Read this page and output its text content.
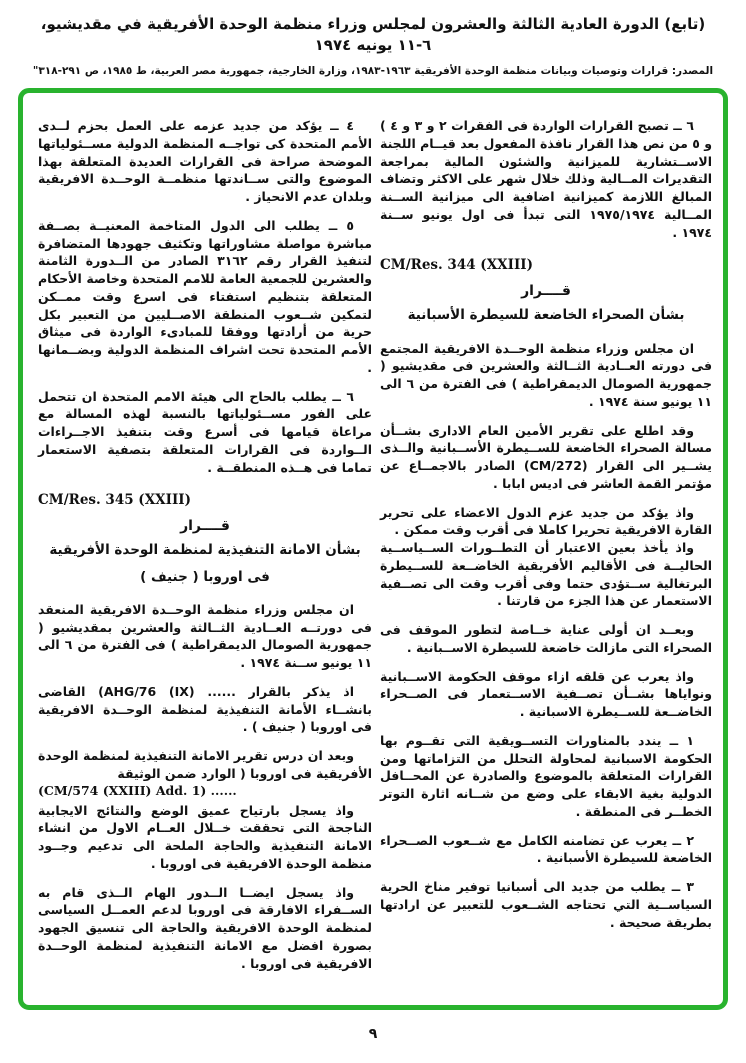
(تابع) الدورة العادية الثالثة والعشرون لمجلس وزراء منظمة الوحدة الأفريقية في مقديشيو، ٦-١١ يونيه ١٩٧٤
المصدر: قرارات وتوصيات وبيانات منظمة الوحدة الأفريقية ١٩٦٣-١٩٨٣، وزارة الخارجية، جمهورية مصر العربية، ط ١٩٨٥، ص ٢٩١-٣١٨"

٦ ــ تصبح القرارات الواردة فى الفقرات ٢ و ٣ و ٤ ) و ٥ من نص هذا القرار نافذة المفعول بعد قيــام اللجنة الاســتشارية للميزانية والشئون المالية بمراجعة التقديرات المــالية وذلك خلال شهر على الاكثر وتضاف المبالغ اللازمة كميزانية اضافية الى ميزانية الســنة المــالية ١٩٧٥/١٩٧٤ التى تبدأ فى اول يونيو ســنة ١٩٧٤ .

CM/Res. 344 (XXIII)
قــــرار
بشأن الصحراء الخاضعة للسيطرة الأسبانية

ان مجلس وزراء منظمة الوحــدة الافريقية المجتمع فى دورته العــادية الثــالثة والعشرين فى مقديشيو ( جمهورية الصومال الديمقراطية ) فى الفترة من ٦ الى ١١ يونيو سنة ١٩٧٤ .

وقد اطلع على تقرير الأمين العام الادارى بشــأن مسالة الصحراء الخاضعة للســيطرة الأســبانية والــذى يشــير الى القرار ‎(CM/272)‎ الصادر بالاجمــاع عن مؤتمر القمة العاشر فى اديس ابابا .

واذ يؤكد من جديد عزم الدول الاعضاء على تحرير القارة الافريقية تحريرا كاملا فى أقرب وقت ممكن .

واذ يأخذ بعين الاعتبار أن التطــورات الســياســية الحاليــة فى الأقاليم الأفريقية الخاضــعة للســيطرة البرتغالية ســتؤدى حتما وفى أقرب وقت الى تصــفية الاستعمار عن هذا الجزء من قارتنا .

وبعــد ان أولى عناية خــاصة لتطور الموقف فى الصحراء التى مازالت خاضعة للسيطرة الاســبانية .

واذ يعرب عن قلقه ازاء موقف الحكومة الاســبانية ونواياها بشــأن تصــفية الاســتعمار فى الصــحراء الخاضــعة للســيطرة الاسبانية .

١ ــ يندد بالمناورات التســويقية التى تقــوم بها الحكومة الاسبانية لمحاولة التحلل من التزاماتها ومن القرارات المتعلقة بالموضوع والصادرة عن المحــافل الدولية بغية الابقاء على وضع من شــانه اثارة التوتر الخطــر فى المنطقة .

٢ ــ يعرب عن تضامنه الكامل مع شــعوب الصــحراء الخاضعة للسيطرة الأسبانية .

٣ ــ يطلب من جديد الى أسبانيا توفير مناخ الحرية السياســية التي تحتاجه الشــعوب للتعبير عن ارادتها بطريقة صحيحة .

٤ ــ يؤكد من جديد عزمه على العمل بحزم لــدى الأمم المتحدة كى تواجــه المنظمة الدولية مســئولياتها الموضحة صراحة فى القرارات العديدة المتعلقة بهذا الموضوع والتى ســاندتها منظمــة الوحــدة الافريقية وبلدان عدم الانحياز .

٥ ــ يطلب الى الدول المتاخمة المعنيــة بصــفة مباشرة مواصلة مشاوراتها وتكثيف جهودها المتضافرة لتنفيذ القرار رقم ٣١٦٢ الصادر من الــدورة الثامنة والعشرين للجمعية العامة للامم المتحدة وخاصة الأحكام المتعلقة بتنظيم استفتاء فى اسرع وقت ممــكن لتمكين شــعوب المنطقة الاصــليين من التعبير بكل حرية من أرادتها ووفقا للمبادىء الواردة فى ميثاق الأمم المتحدة تحت اشراف المنظمة الدولية وبضــمانها .

٦ ــ يطلب بالحاح الى هيئة الامم المتحدة ان تتحمل على الفور مســئولياتها بالنسبة لهذه المسالة مع مراعاة قيامها فى أسرع وقت بتنفيذ الاجــراءات الــواردة فى القرارات المتعلقة بتصفية الاستعمار تماما فى هــذه المنطقــة .

CM/Res. 345 (XXIII)
قــــرار
بشأن الامانة التنفيذية لمنظمة الوحدة الأفريقية
فى اوروبا ( جنيف )

ان مجلس وزراء منظمة الوحــدة الافريقية المنعقد فى دورتــه العــادية الثــالثة والعشرين بمقديشيو ( جمهورية الصومال الديمقراطية ) فى الفترة من ٦ الى ١١ يونيو ســنة ١٩٧٤ .

اذ يذكر بالقرار ...... ‎(AHG/76 (IX)‎ القاضى بانشــاء الأمانة التنفيذية لمنظمة الوحــدة الافريقية فى اوروبا ( جنيف ) .

وبعد ان درس تقرير الامانة التنفيذية لمنظمة الوحدة الأفريقية فى اوروبا ( الوارد ضمن الوثيقة

(CM/574 (XXIII) Add. 1) ......

واذ يسجل بارتياح عميق الوضع والنتائج الايجابية الناجحة التى تحققت خــلال العــام الاول من انشاء الامانة التنفيذية والحاجة الملحة الى تدعيم وجــود منظمة الوحدة الافريقية فى اوروبا .

واذ يسجل ايضــا الــدور الهام الــذى قام به الســفراء الافارقة فى اوروبا لدعم العمــل السياسى لمنظمة الوحدة الافريقية والحاجة الى تنسيق الجهود بصورة افضل مع الامانة التنفيذية لمنظمة الوحــدة الافريقية فى اوروبا .

٩
